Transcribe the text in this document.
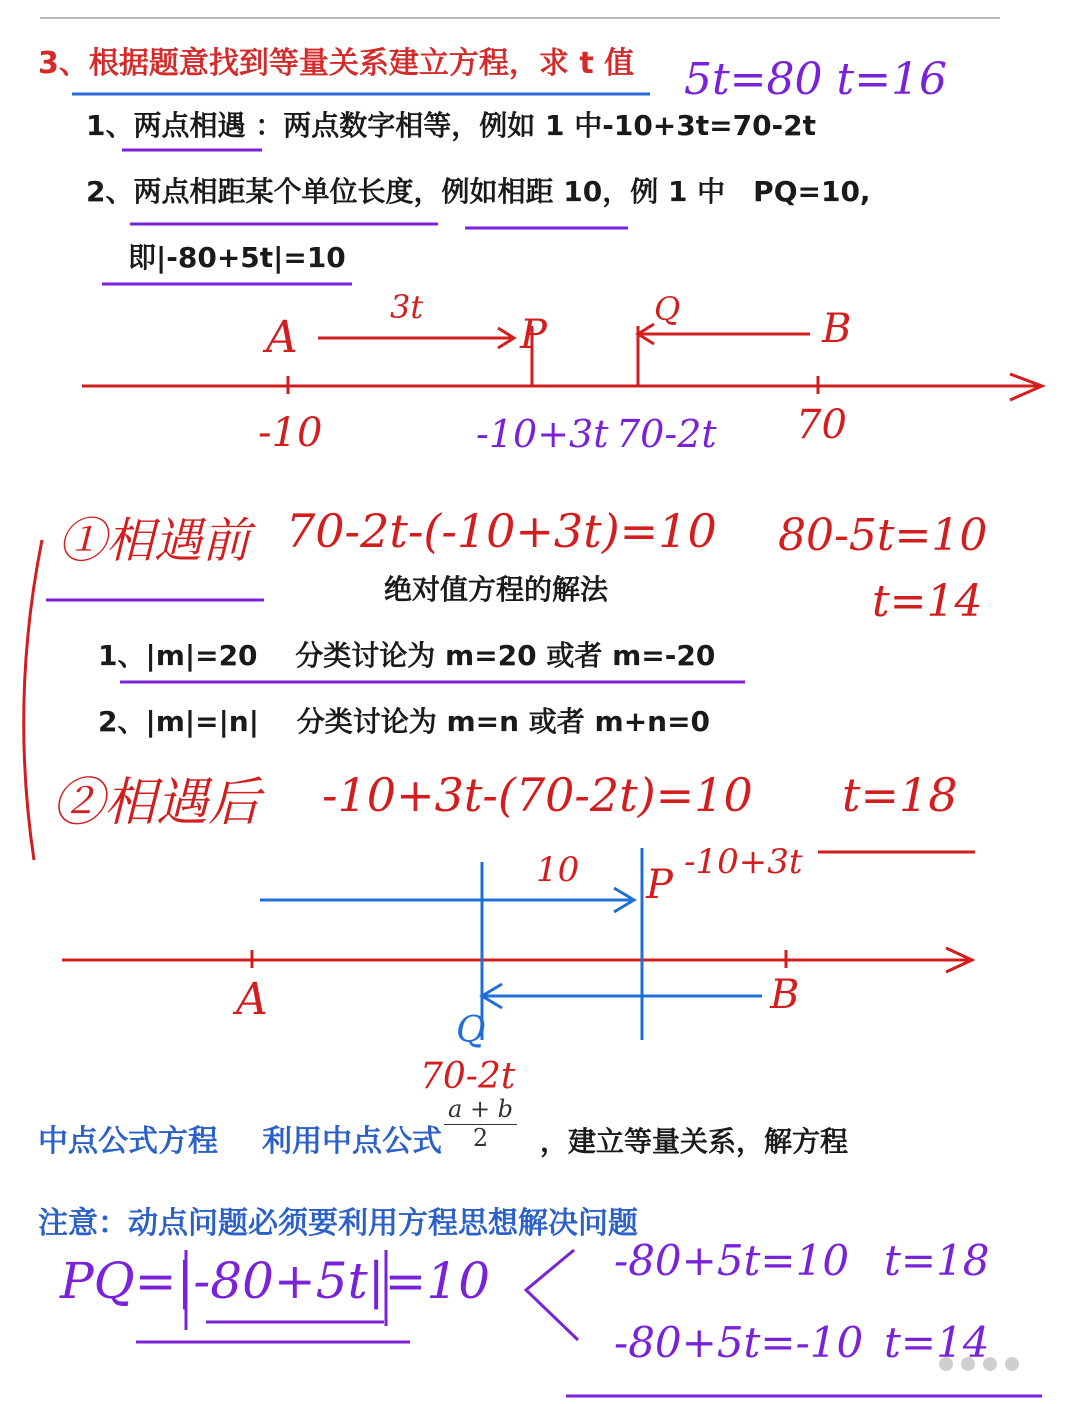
3、根据题意找到等量关系建立方程，求 t 值
1、两点相遇 ：两点数字相等，例如 1 中-10+3t=70-2t
2、两点相距某个单位长度，例如相距 10，例 1 中　PQ=10,
即|-80+5t|=10
绝对值方程的解法
1、|m|=20　 分类讨论为 m=20 或者 m=-20
2、|m|=|n|　 分类讨论为 m=n 或者 m+n=0
中点公式方程 利用中点公式 $\frac{a + b}{2}$ ，建立等量关系，解方程
注意：动点问题必须要利用方程思想解决问题
5t=80 t=16
A
3t
P
Q	B
-10	-10+3t 70-2t 70
①相遇前 70-2t-(-10+3t)=10 80-5t=10
t=14
②相遇后 -10+3t-(70-2t)=10 t=18
10 P -10+3t
A	B
Q
70-2t
PQ=|-80+5t|=10	-80+5t=10 t=18
-80+5t=-10 t=14
